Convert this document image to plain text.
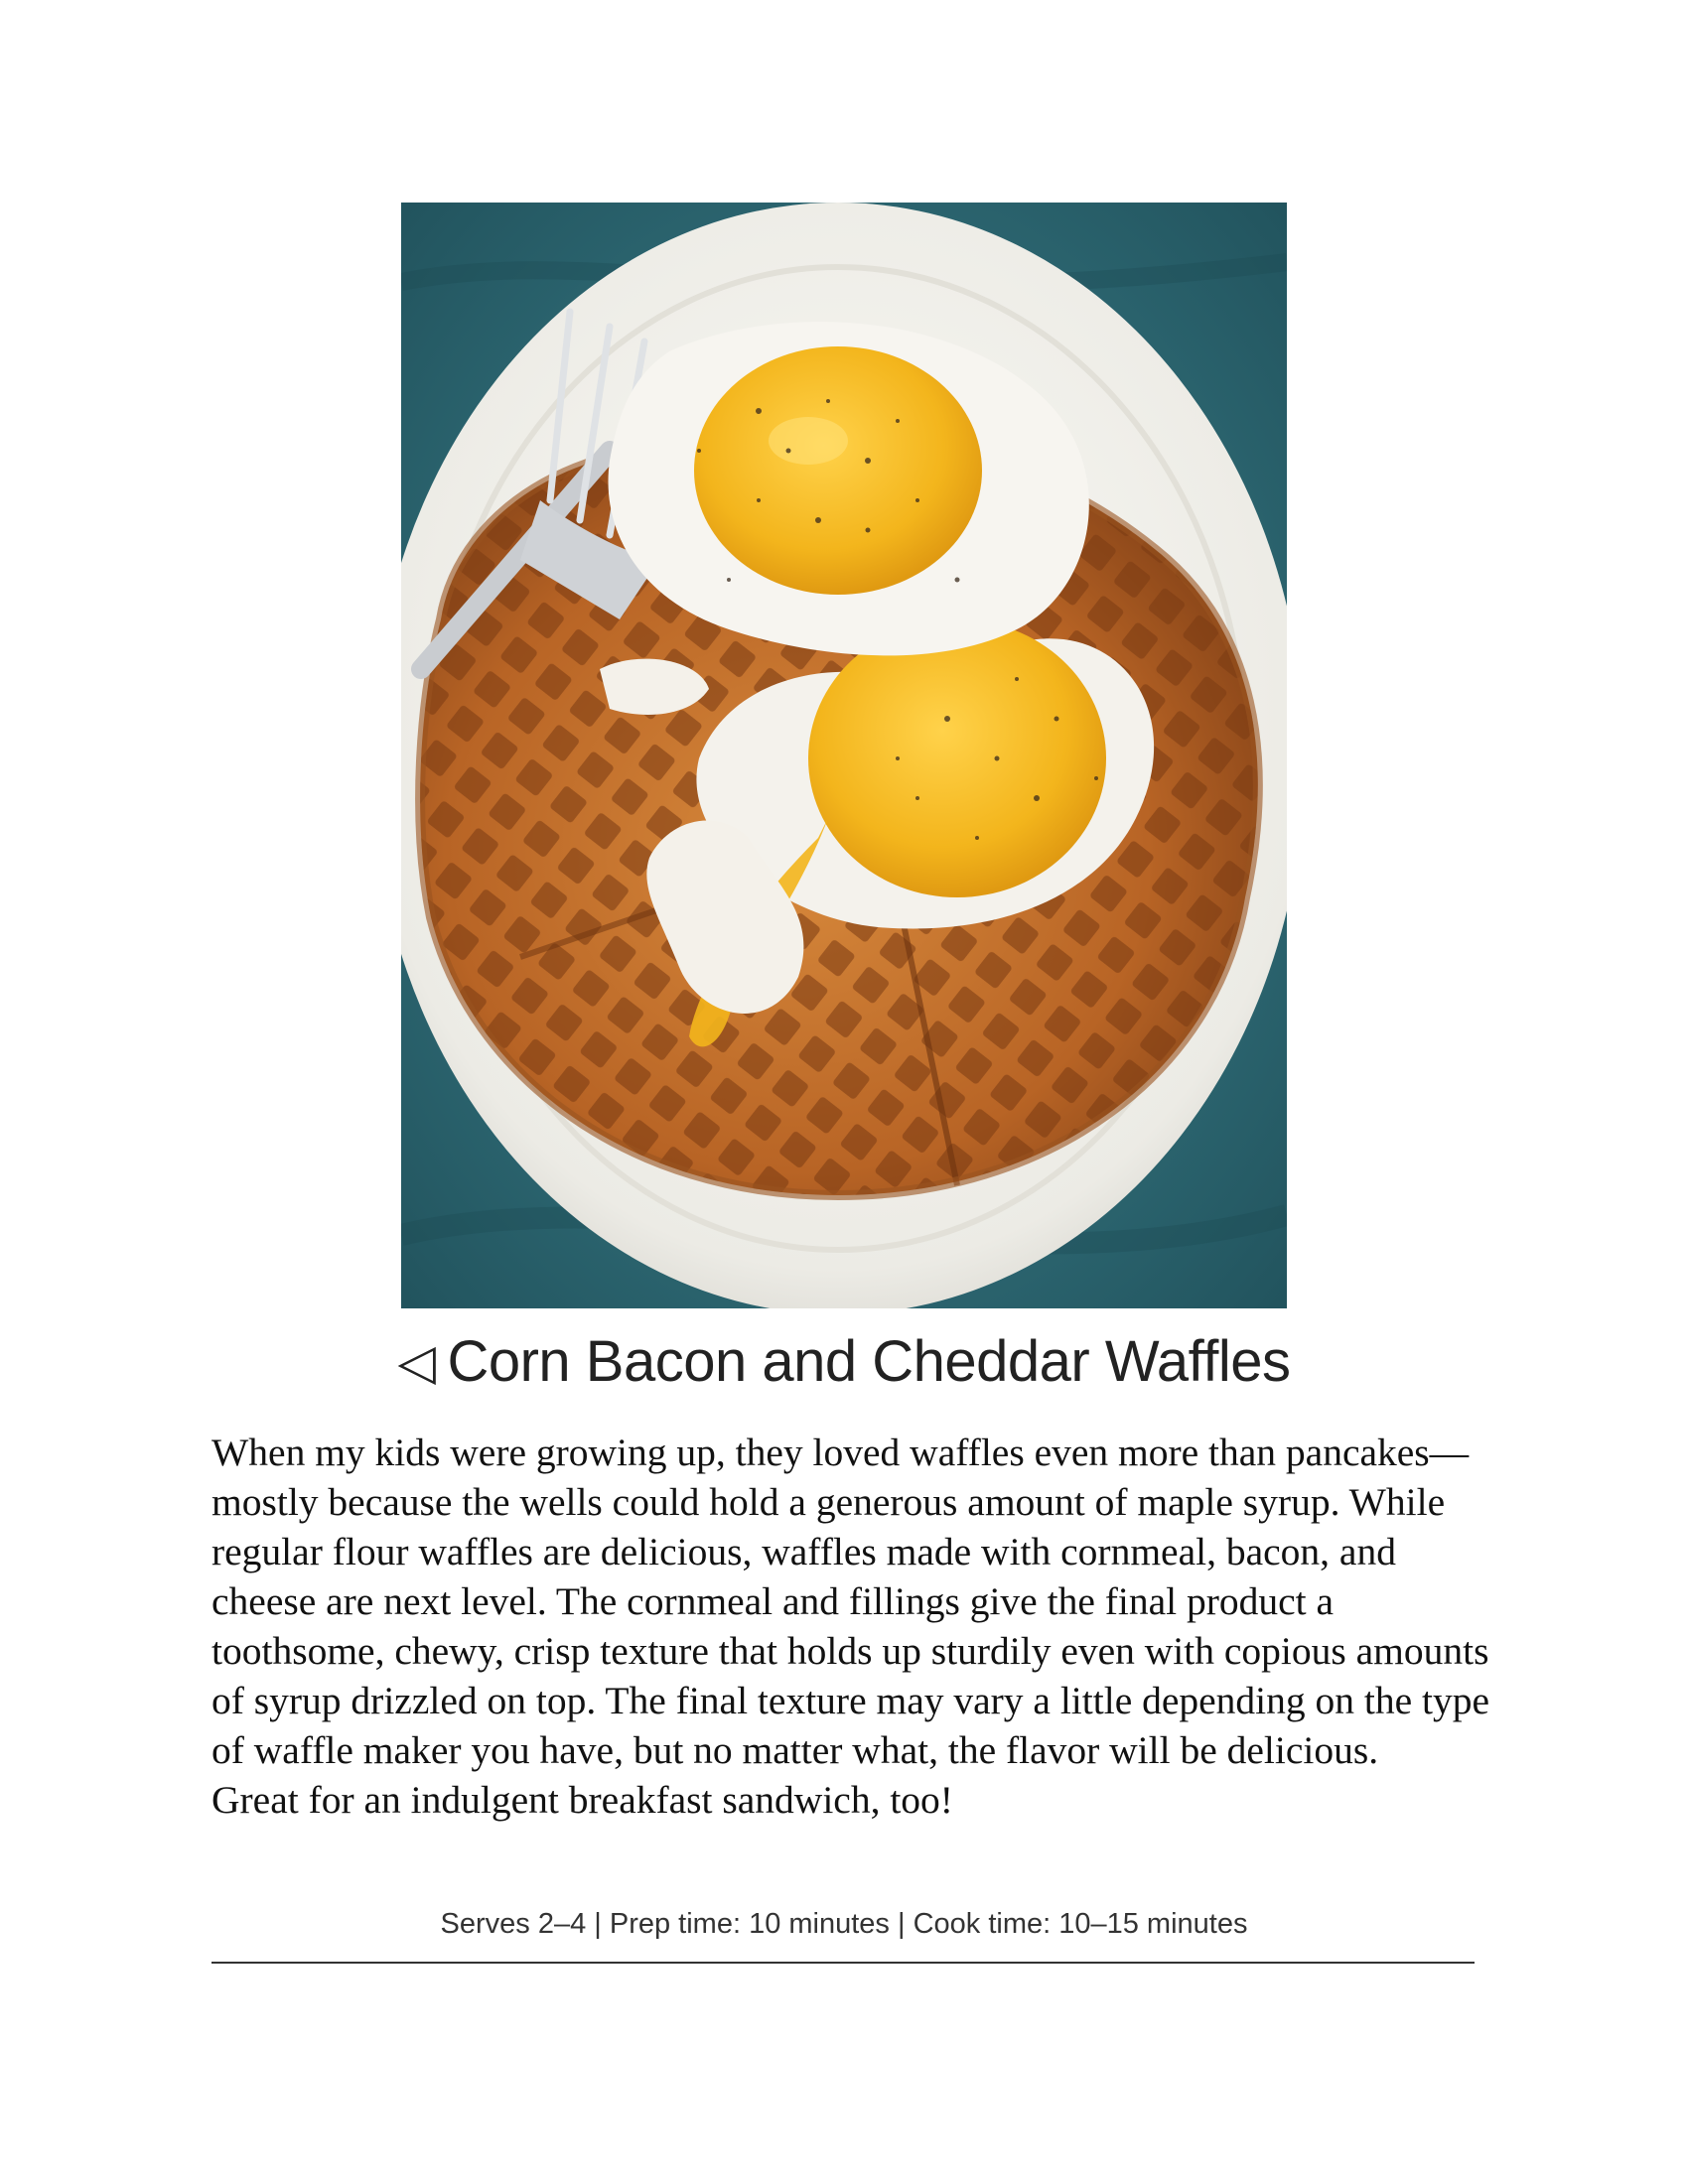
◁ Corn Bacon and Cheddar Waffles

When my kids were growing up, they loved waffles even more than pancakes—mostly because the wells could hold a generous amount of maple syrup. While regular flour waffles are delicious, waffles made with cornmeal, bacon, and cheese are next level. The cornmeal and fillings give the final product a toothsome, chewy, crisp texture that holds up sturdily even with copious amounts of syrup drizzled on top. The final texture may vary a little depending on the type of waffle maker you have, but no matter what, the flavor will be delicious.

Great for an indulgent breakfast sandwich, too!

Serves 2–4 | Prep time: 10 minutes | Cook time: 10–15 minutes
